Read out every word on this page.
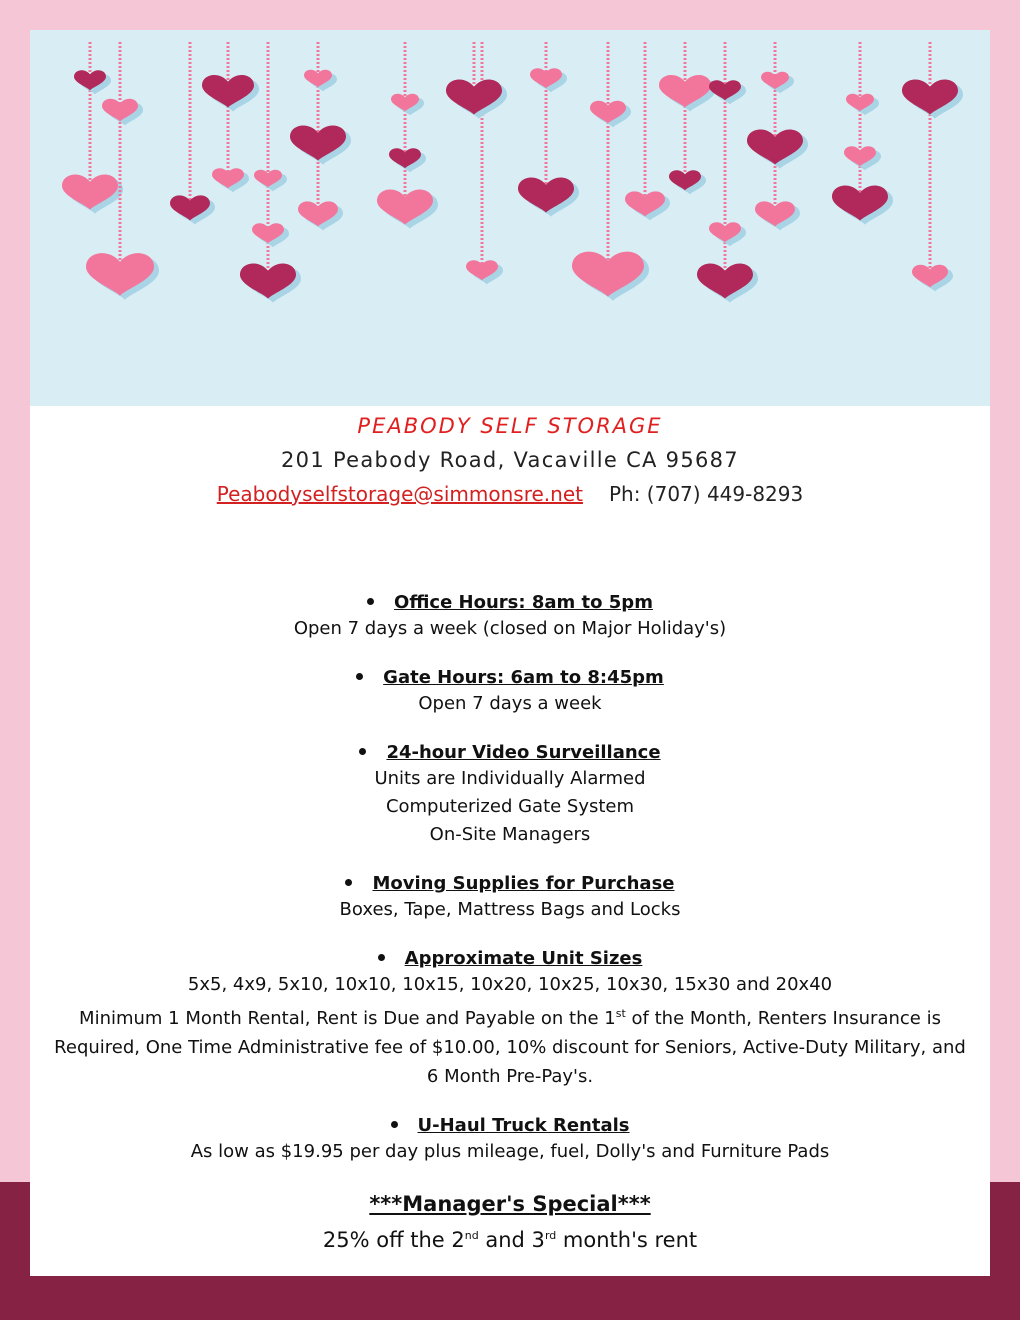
PEABODY SELF STORAGE
201 Peabody Road, Vacaville CA 95687
Peabodyselfstorage@simmonsre.net Ph: (707) 449-8293
Office Hours: 8am to 5pm
Open 7 days a week (closed on Major Holiday's)
Gate Hours: 6am to 8:45pm
Open 7 days a week
24-hour Video Surveillance
Units are Individually Alarmed
Computerized Gate System
On-Site Managers
Moving Supplies for Purchase
Boxes, Tape, Mattress Bags and Locks
Approximate Unit Sizes
5x5, 4x9, 5x10, 10x10, 10x15, 10x20, 10x25, 10x30, 15x30 and 20x40
Minimum 1 Month Rental, Rent is Due and Payable on the 1st of the Month, Renters Insurance is Required, One Time Administrative fee of $10.00, 10% discount for Seniors, Active-Duty Military, and 6 Month Pre-Pay's.
U-Haul Truck Rentals
As low as $19.95 per day plus mileage, fuel, Dolly's and Furniture Pads
***Manager's Special***
25% off the 2nd and 3rd month's rent
